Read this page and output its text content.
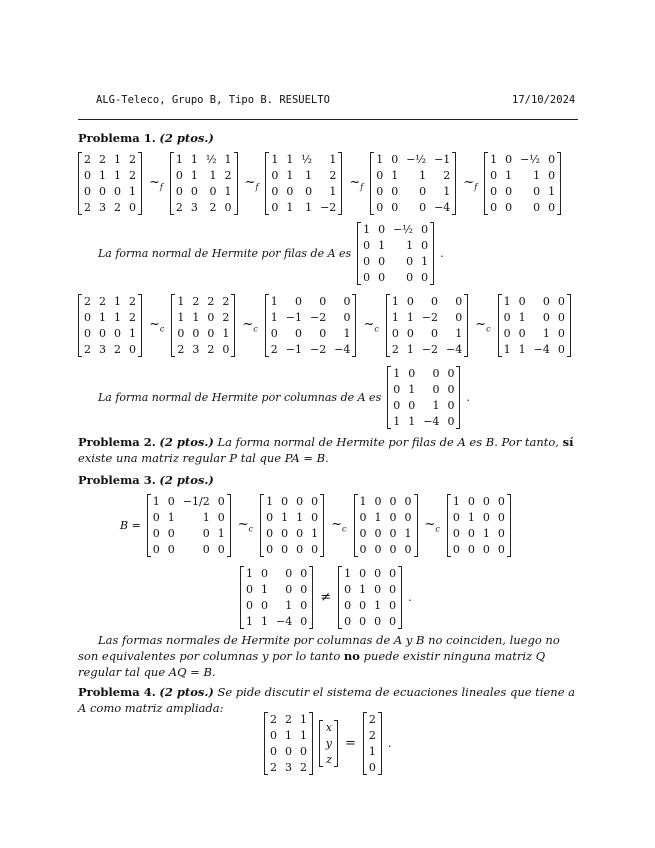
ALG-Teleco, Grupo B, Tipo B. RESUELTO	17/10/2024
Problema 1. (2 ptos.)
2 2 1 2
0 1 1 2
0 0 0 1
2 3 2 0
$\sim_f$
1 1 ½ 1
0 1	1 2
0 0	0 1
2 3	2 0
$\sim_f$
1 1 ½	1
0 1	1	2
0 0	0	1
0 1	1 −2
$\sim_f$
1 0 −½ −1
0 1	1	2
0 0	0	1
0 0	0 −4
$\sim_f$
1 0 −½ 0
0 1	1 0
0 0	0 1
0 0	0 0
La forma normal de Hermite por filas de A es
1 0 −½ 0
0 1	1 0
0 0	0 1
0 0	0 0
.
2 2 1 2
0 1 1 2
0 0 0 1
2 3 2 0
$\sim_c$
1 2 2 2
1 1 0 2
0 0 0 1
2 3 2 0
$\sim_c$
1	0	0	0
1 −1 −2	0
0	0	0	1
2 −1 −2 −4
$\sim_c$
1 0	0	0
1 1 −2	0
0 0	0	1
2 1 −2 −4
$\sim_c$
1 0	0 0
0 1	0 0
0 0	1 0
1 1 −4 0
La forma normal de Hermite por columnas de A es
1 0	0 0
0 1	0 0
0 0	1 0
1 1 −4 0
.
Problema 2. (2 ptos.) La forma normal de Hermite por filas de A es B. Por tanto, sí existe una matriz regular P tal que PA = B.
Problema 3. (2 ptos.)
B =
1 0 −1/2 0
0 1	1 0
0 0	0 1
0 0	0 0
$\sim_c$
1 0 0 0
0 1 1 0
0 0 0 1
0 0 0 0
$\sim_c$
1 0 0 0
0 1 0 0
0 0 0 1
0 0 0 0
$\sim_c$
1 0 0 0
0 1 0 0
0 0 1 0
0 0 0 0
1 0	0 0
0 1	0 0
0 0	1 0
1 1 −4 0
≠
1 0 0 0
0 1 0 0
0 0 1 0
0 0 0 0
.
Las formas normales de Hermite por columnas de A y B no coinciden, luego no son equivalentes por columnas y por lo tanto no puede existir ninguna matriz Q regular tal que AQ = B.
Problema 4. (2 ptos.) Se pide discutir el sistema de ecuaciones lineales que tiene a A como matriz ampliada:
2 2 1
0 1 1
0 0 0
2 3 2
x
y
z
=
2
2
1
0
.
